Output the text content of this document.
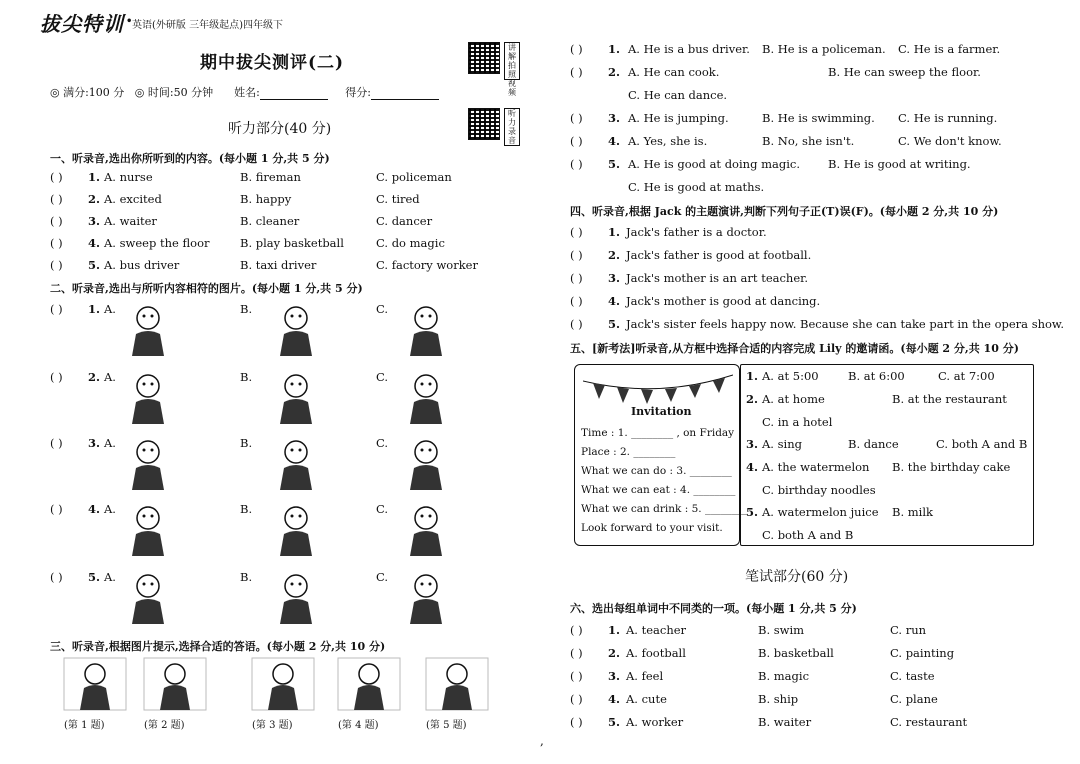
拔尖特训 • 英语(外研版 三年级起点)四年级下
讲解拍照视频
听力录音
期中拔尖测评(二)
◎ 满分:100 分 ◎ 时间:50 分钟 姓名:	得分:
听力部分(40 分)
一、听录音,选出你所听到的内容。(每小题 1 分,共 5 分)
( ) 1. A. nurse	B. fireman	C. policeman
( ) 2. A. excited	B. happy	C. tired
( ) 3. A. waiter	B. cleaner	C. dancer
( ) 4. A. sweep the floor	B. play basketball	C. do magic
( ) 5. A. bus driver	B. taxi driver	C. factory worker
二、听录音,选出与所听内容相符的图片。(每小题 1 分,共 5 分)
( ) 1. A.	B.	C.
( ) 2. A.	B.	C.
( ) 3. A.	B.	C.
( ) 4. A.	B.	C.
( ) 5. A.	B.	C.
三、听录音,根据图片提示,选择合适的答语。(每小题 2 分,共 10 分)
(第 1 题)	(第 2 题)	(第 3 题)	(第 4 题)	(第 5 题)
( ) 1. A. He is a bus driver. B. He is a policeman. C. He is a farmer.
( ) 2. A. He can cook.	B. He can sweep the floor.
C. He can dance.
( ) 3. A. He is jumping.	B. He is swimming. C. He is running.
( ) 4. A. Yes, she is.	B. No, she isn't.	C. We don't know.
( ) 5. A. He is good at doing magic. B. He is good at writing.
C. He is good at maths.
四、听录音,根据 Jack 的主题演讲,判断下列句子正(T)误(F)。(每小题 2 分,共 10 分)
( ) 1. Jack's father is a doctor.
( ) 2. Jack's father is good at football.
( ) 3. Jack's mother is an art teacher.
( ) 4. Jack's mother is good at dancing.
( ) 5. Jack's sister feels happy now. Because she can take part in the opera show.
五、[新考法]听录音,从方框中选择合适的内容完成 Lily 的邀请函。(每小题 2 分,共 10 分)
Invitation
Time : 1. ________ , on Friday
Place : 2. ________
What we can do : 3. ________
What we can eat : 4. ________
What we can drink : 5. ________
Look forward to your visit.
1. A. at 5:00	B. at 6:00	C. at 7:00
2. A. at home	B. at the restaurant
C. in a hotel
3. A. sing	B. dance	C. both A and B
4. A. the watermelon B. the birthday cake
C. birthday noodles
5. A. watermelon juice B. milk
C. both A and B
笔试部分(60 分)
六、选出每组单词中不同类的一项。(每小题 1 分,共 5 分)
( ) 1. A. teacher	B. swim	C. run
( ) 2. A. football	B. basketball	C. painting
( ) 3. A. feel	B. magic	C. taste
( ) 4. A. cute	B. ship	C. plane
( ) 5. A. worker	B. waiter	C. restaurant
,
